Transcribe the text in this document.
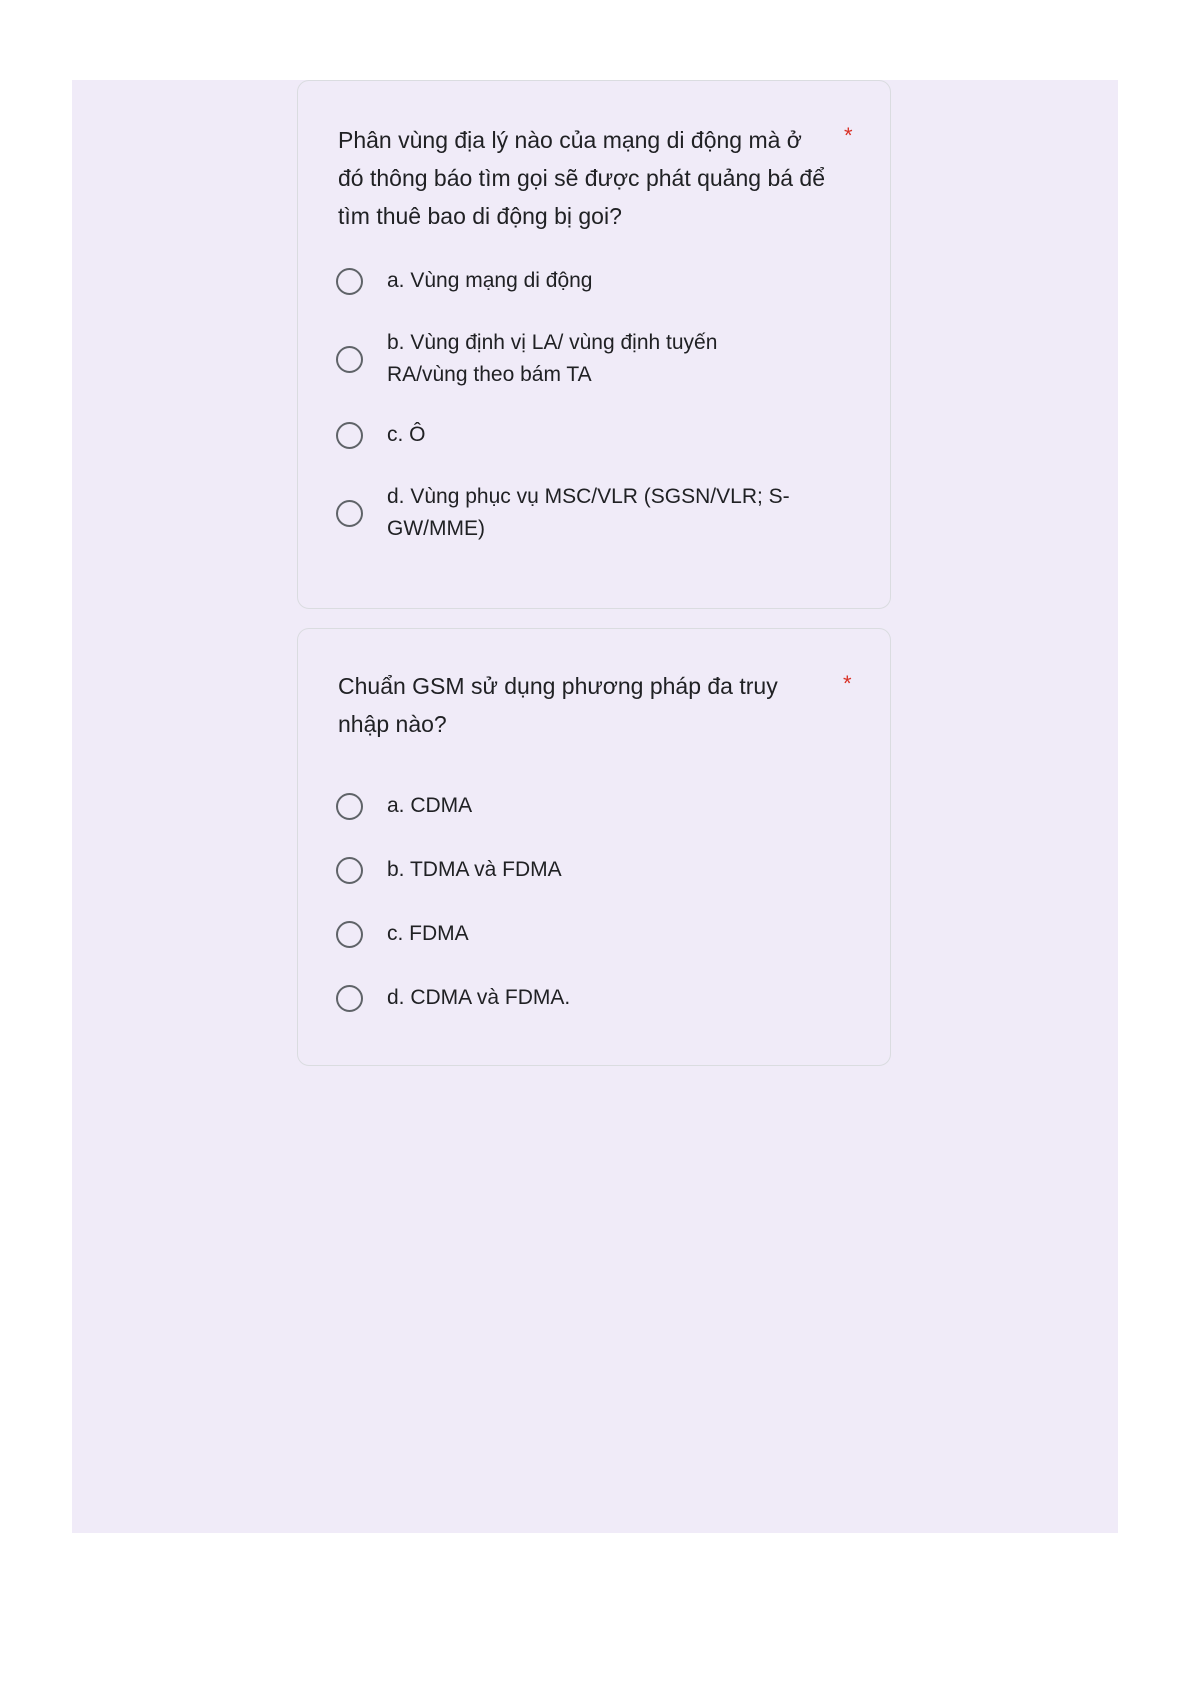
Phân vùng địa lý nào của mạng di động mà ở đó thông báo tìm gọi sẽ được phát quảng bá để tìm thuê bao di động bị goi?
*
a. Vùng mạng di động
b. Vùng định vị LA/ vùng định tuyến RA/vùng theo bám TA
c. Ô
d. Vùng phục vụ MSC/VLR (SGSN/VLR; S-GW/MME)
Chuẩn GSM sử dụng phương pháp đa truy nhập nào?
*
a. CDMA
b. TDMA và FDMA
c. FDMA
d. CDMA và FDMA.
